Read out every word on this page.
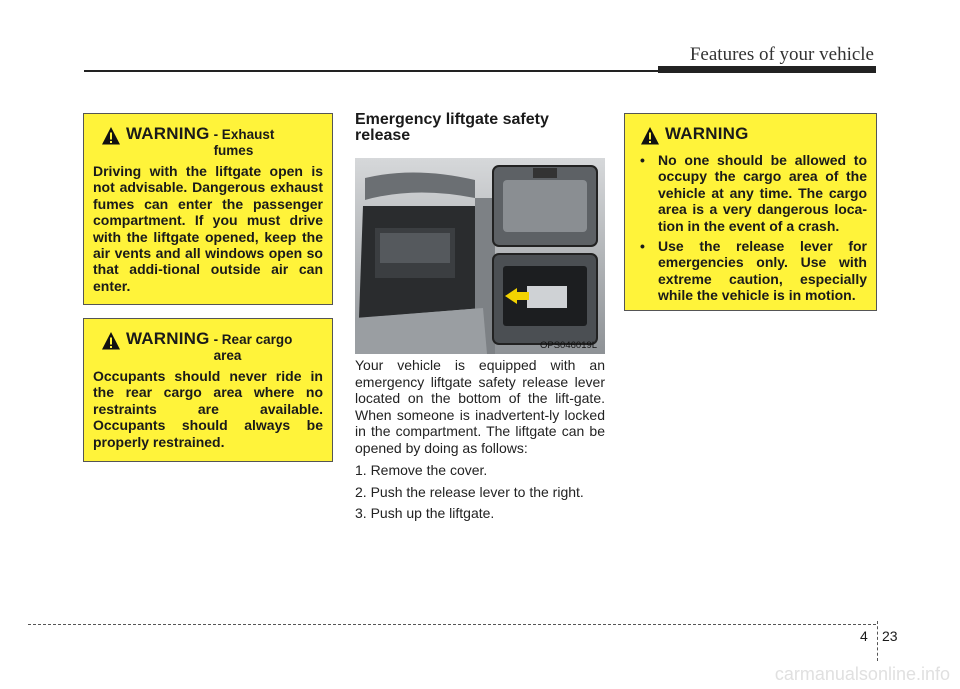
Features of your vehicle
WARNING - Exhaust fumes
Driving with the liftgate open is not advisable. Dangerous exhaust fumes can enter the passenger compartment. If you must drive with the liftgate opened, keep the air vents and all windows open so that addi-tional outside air can enter.
WARNING - Rear cargo area
Occupants should never ride in the rear cargo area where no restraints are available. Occupants should always be properly restrained.
Emergency liftgate safety release
OPS046019L

Your vehicle is equipped with an emergency liftgate safety release lever located on the bottom of the lift-gate. When someone is inadvertent-ly locked in the compartment. The liftgate can be opened by doing as follows:

1. Remove the cover.
2. Push the release lever to the right.
3. Push up the liftgate.
WARNING
• No one should be allowed to occupy the cargo area of the vehicle at any time. The cargo area is a very dangerous loca-tion in the event of a crash.
• Use the release lever for emergencies only. Use with extreme caution, especially while the vehicle is in motion.
4 23
carmanualsonline.info
